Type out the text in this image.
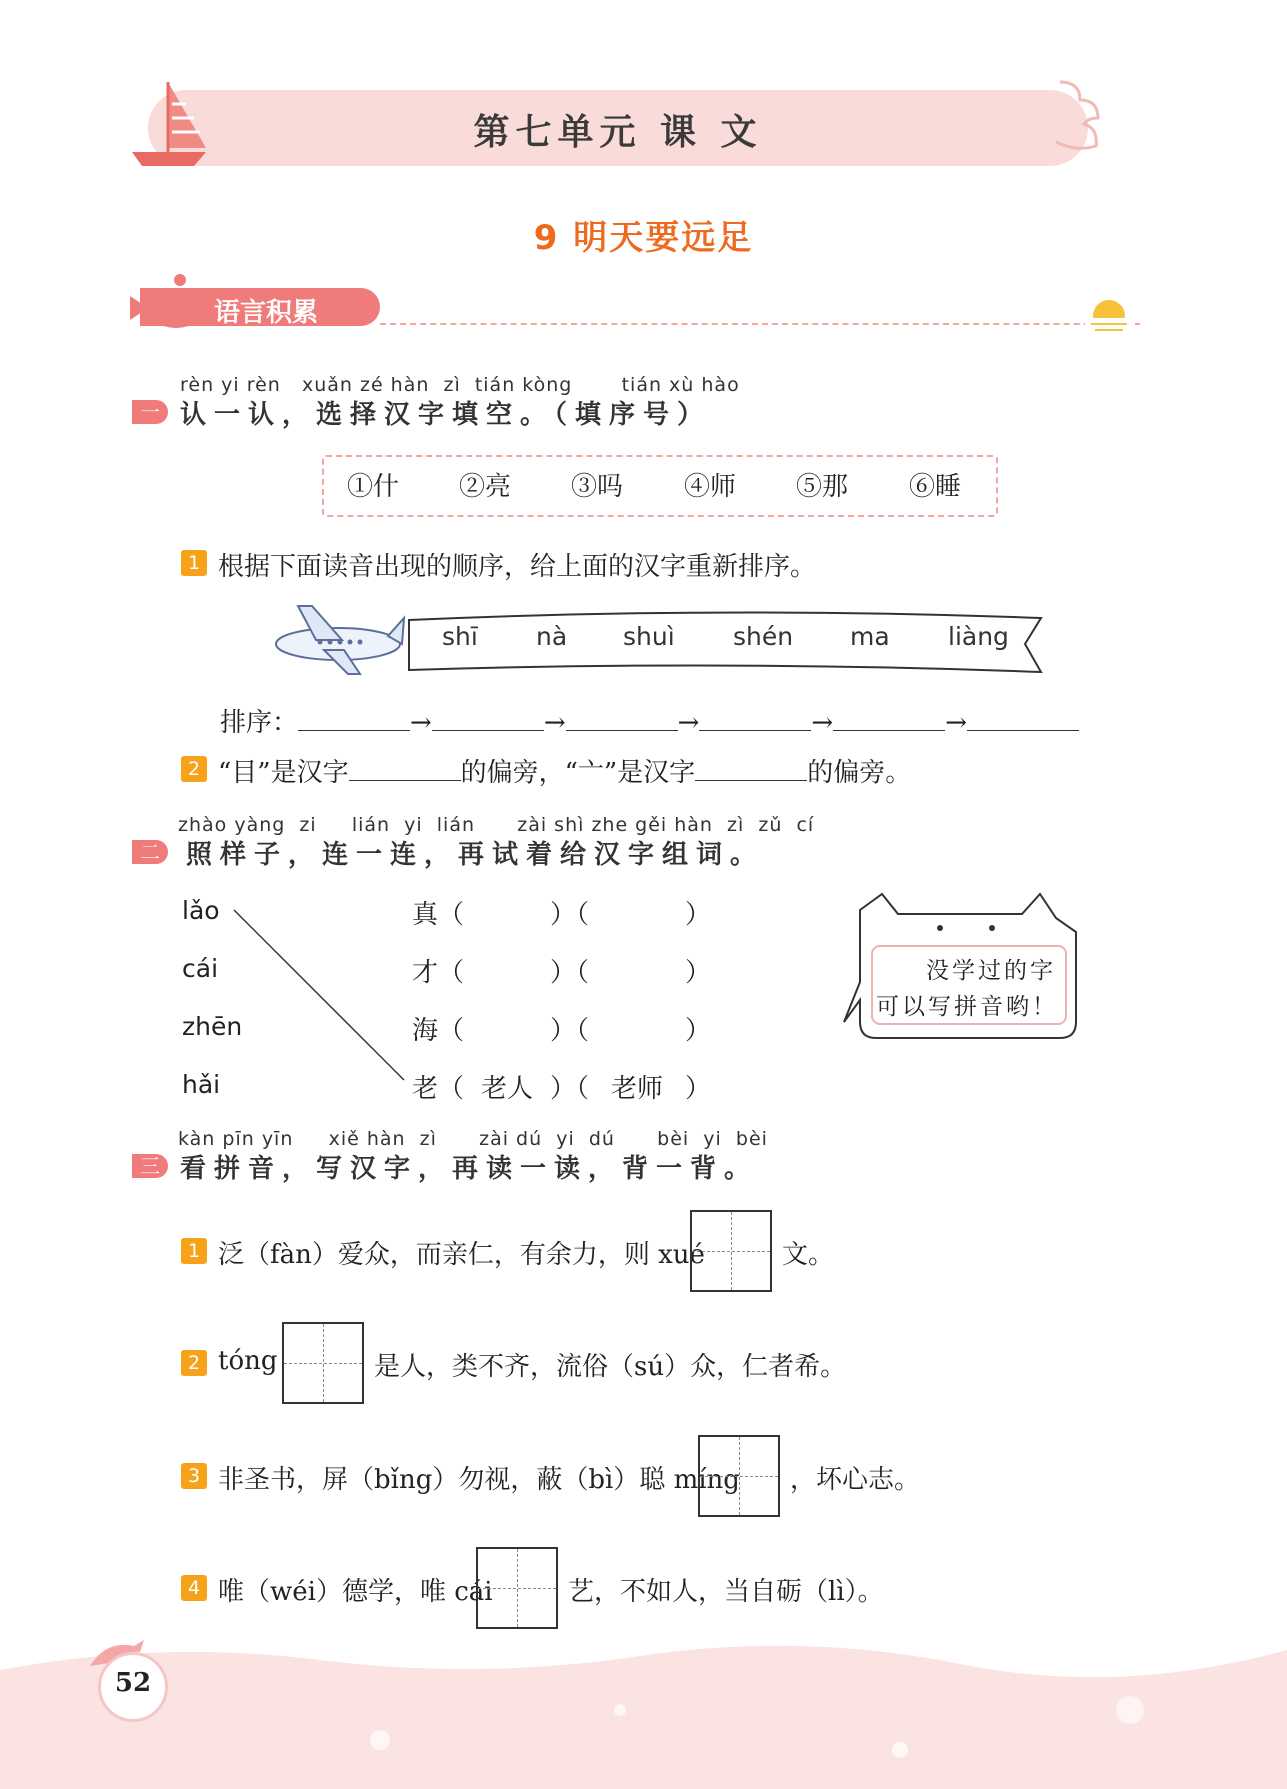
第七单元 课 文
9 明天要远足
语言积累
rèn yi rèn   xuǎn zé hàn  zì  tián kòng       tián xù hào
一 认一认，选择汉字填空。（填序号）
①什 ②亮 ③吗 ④师 ⑤那 ⑥睡
1 根据下面读音出现的顺序，给上面的汉字重新排序。
shī nà shuì shén ma liàng
排序：	→	→	→	→	→
2 “目”是汉字	的偏旁，“亠”是汉字	的偏旁。
zhào yàng  zi     lián  yi  lián      zài shì zhe gěi hàn  zì  zǔ  cí
二	照样子，连一连，再试着给汉字组词。
lǎo
cái
zhēn
hǎi
真（	）（	）
才（	）（	）
海（	）（	）
老（ 老人 ）（ 老师 ）
没学过的字
可以写拼音哟！
kàn pīn yīn     xiě hàn  zì      zài dú  yi  dú      bèi  yi  bèi
三 看拼音，写汉字，再读一读，背一背。
1 泛（fàn）爱众，而亲仁，有余力，则 xué	文。
2 tóng	是人，类不齐，流俗（sú）众，仁者希。
3 非圣书，屏（bǐng）勿视，蔽（bì）聪 míng ，坏心志。
4 唯（wéi）德学，唯 cái	艺，不如人，当自砺（lì）。
52
